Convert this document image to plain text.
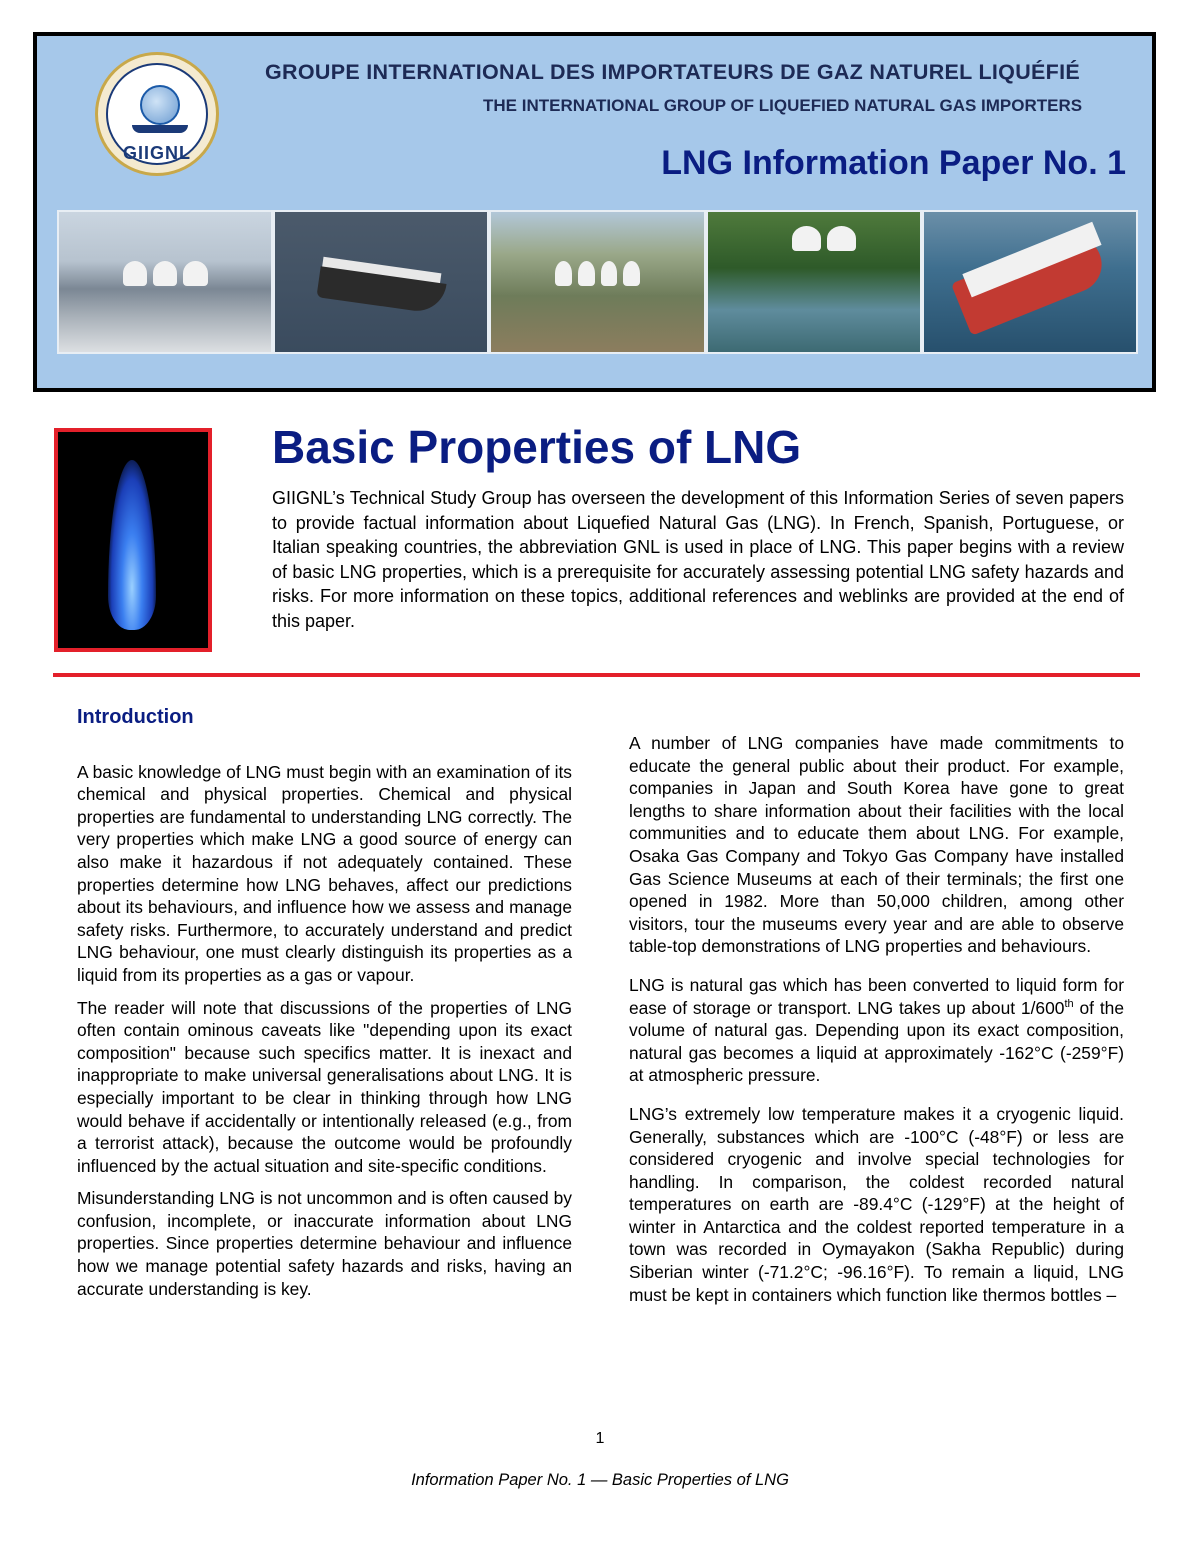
GIIGNL
GROUPE INTERNATIONAL DES IMPORTATEURS DE GAZ NATUREL LIQUÉFIÉ
THE INTERNATIONAL GROUP OF LIQUEFIED NATURAL GAS IMPORTERS
LNG Information Paper No. 1
Basic Properties of LNG

GIIGNL’s Technical Study Group has overseen the development of this Information Series of seven papers to provide factual information about Liquefied Natural Gas (LNG). In French, Spanish, Portuguese, or Italian speaking countries, the abbreviation GNL is used in place of LNG. This paper begins with a review of basic LNG properties, which is a prerequisite for accurately assessing potential LNG safety hazards and risks. For more information on these topics, additional references and weblinks are provided at the end of this paper.

Introduction

A basic knowledge of LNG must begin with an examination of its chemical and physical properties. Chemical and physical properties are fundamental to understanding LNG correctly. The very properties which make LNG a good source of energy can also make it hazardous if not adequately contained. These properties determine how LNG behaves, affect our predictions about its behaviours, and influence how we assess and manage safety risks. Furthermore, to accurately understand and predict LNG behaviour, one must clearly distinguish its properties as a liquid from its properties as a gas or vapour.

The reader will note that discussions of the properties of LNG often contain ominous caveats like "depending upon its exact composition" because such specifics matter. It is inexact and inappropriate to make universal generalisations about LNG. It is especially important to be clear in thinking through how LNG would behave if accidentally or intentionally released (e.g., from a terrorist attack), because the outcome would be profoundly influenced by the actual situation and site-specific conditions.

Misunderstanding LNG is not uncommon and is often caused by confusion, incomplete, or inaccurate information about LNG properties. Since properties determine behaviour and influence how we manage potential safety hazards and risks, having an accurate understanding is key.

A number of LNG companies have made commitments to educate the general public about their product. For example, companies in Japan and South Korea have gone to great lengths to share information about their facilities with the local communities and to educate them about LNG. For example, Osaka Gas Company and Tokyo Gas Company have installed Gas Science Museums at each of their terminals; the first one opened in 1982. More than 50,000 children, among other visitors, tour the museums every year and are able to observe table-top demonstrations of LNG properties and behaviours.

LNG is natural gas which has been converted to liquid form for ease of storage or transport. LNG takes up about 1/600th of the volume of natural gas. Depending upon its exact composition, natural gas becomes a liquid at approximately -162°C (-259°F) at atmospheric pressure.

LNG’s extremely low temperature makes it a cryogenic liquid. Generally, substances which are -100°C (-48°F) or less are considered cryogenic and involve special technologies for handling. In comparison, the coldest recorded natural temperatures on earth are -89.4°C (-129°F) at the height of winter in Antarctica and the coldest reported temperature in a town was recorded in Oymayakon (Sakha Republic) during Siberian winter (-71.2°C; -96.16°F). To remain a liquid, LNG must be kept in containers which function like thermos bottles –

1
Information Paper No. 1 — Basic Properties of LNG
